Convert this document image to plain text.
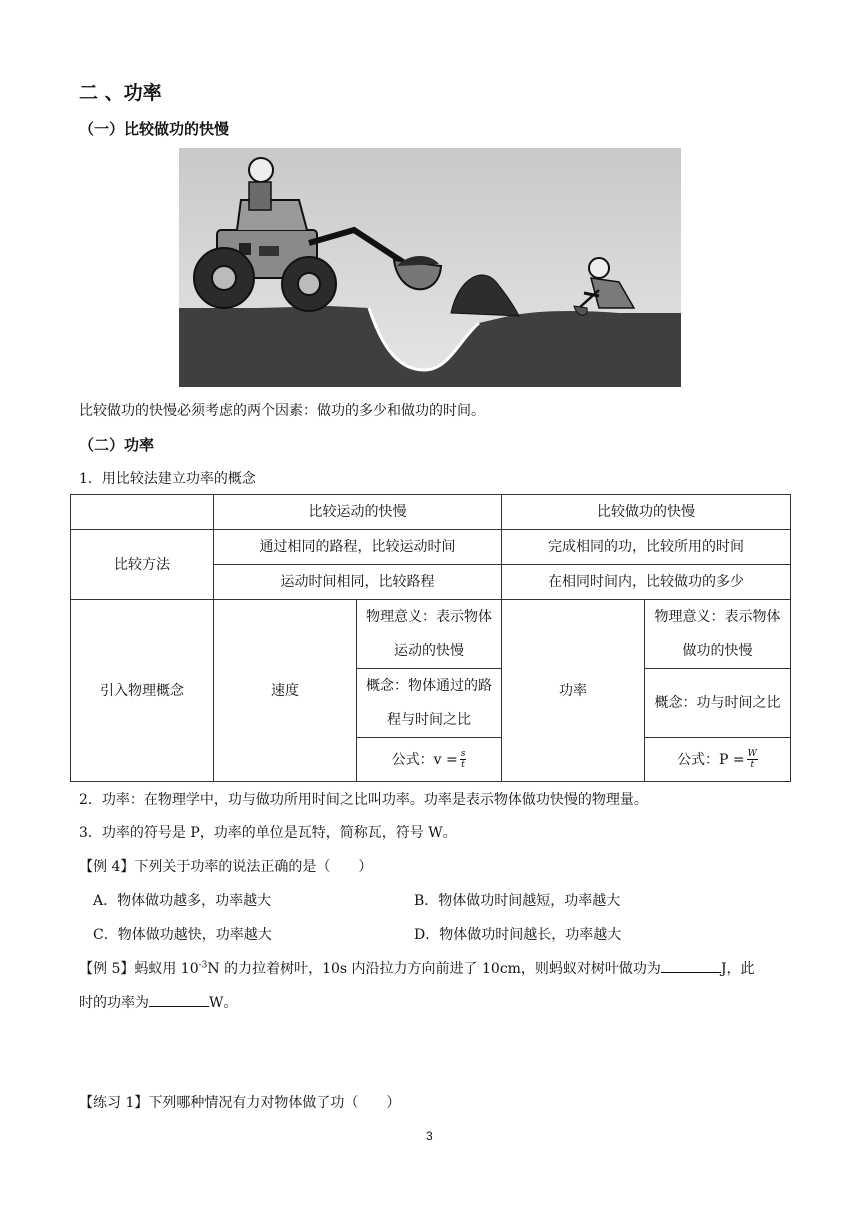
二 、功率
（一）比较做功的快慢
比较做功的快慢必须考虑的两个因素：做功的多少和做功的时间。
（二）功率
1．用比较法建立功率的概念
	比较运动的快慢		比较做功的快慢	
比较方法	通过相同的路程，比较运动时间		完成相同的功，比较所用的时间	
	运动时间相同，比较路程		在相同时间内，比较做功的多少	
引入物理概念	速度	物理意义：表示物体运动的快慢	功率	物理意义：表示物体做功的快慢
		概念：物体通过的路程与时间之比		概念：功与时间之比
		公式：$v = \frac{s}{t}$		公式：$P = \frac{W}{t}$
2．功率：在物理学中，功与做功所用时间之比叫功率。功率是表示物体做功快慢的物理量。
3．功率的符号是 P，功率的单位是瓦特，简称瓦，符号 W。
【例 4】下列关于功率的说法正确的是（　　）
A．物体做功越多，功率越大	B．物体做功时间越短，功率越大
C．物体做功越快，功率越大	D．物体做功时间越长，功率越大
【例 5】蚂蚁用 $10^{-3}N$ 的力拉着树叶，10s 内沿拉力方向前进了 10cm，则蚂蚁对树叶做功为	J，此
时的功率为	W。
【练习 1】下列哪种情况有力对物体做了功（　　）
3
